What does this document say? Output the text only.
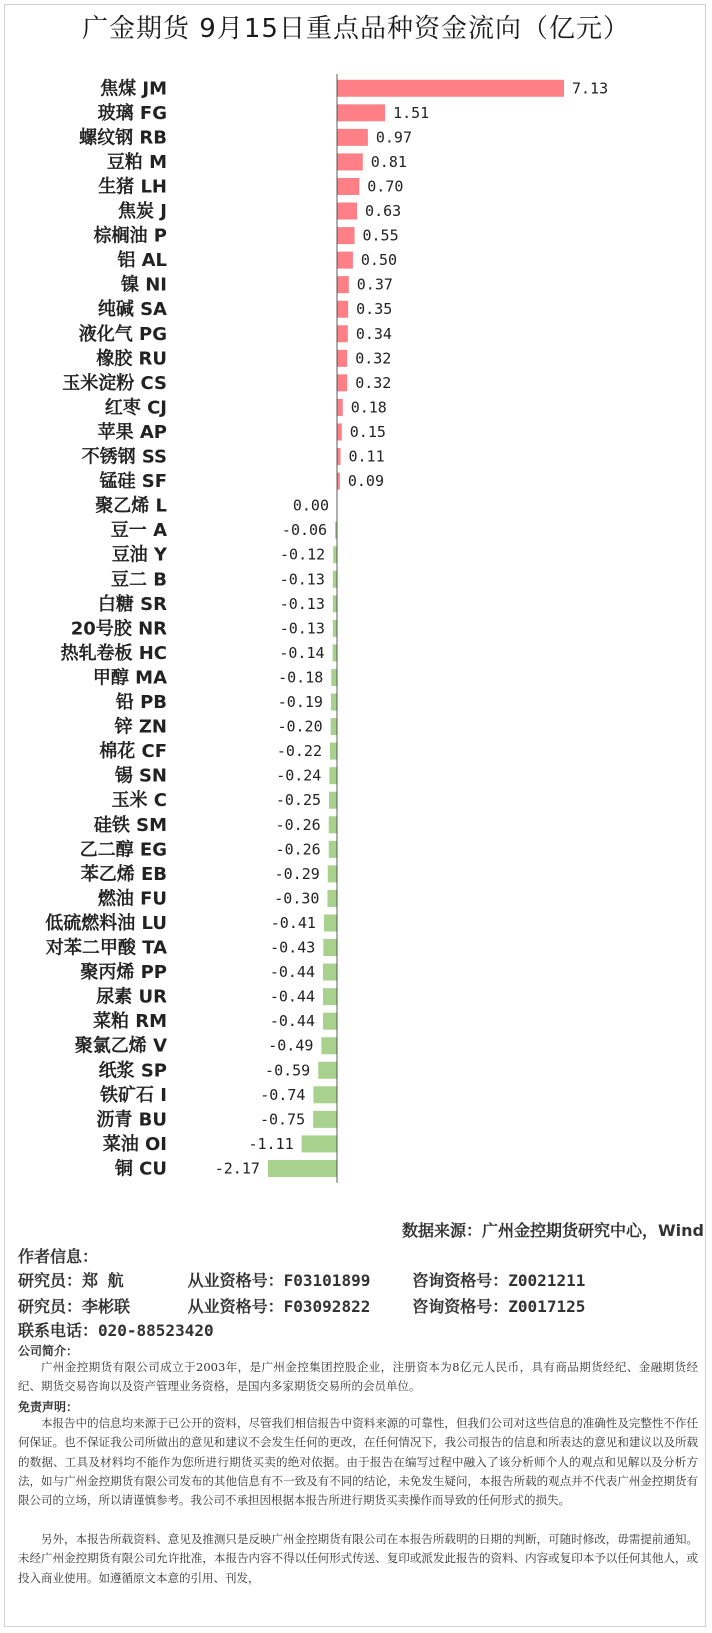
广金期货 9月15日重点品种资金流向（亿元）
焦煤 JM	7.13
玻璃 FG	1.51
螺纹钢 RB	0.97
豆粕 M	0.81
生猪 LH	0.70
焦炭 J	0.63
棕榈油 P	0.55
铝 AL	0.50
镍 NI	0.37
纯碱 SA	0.35
液化气 PG	0.34
橡胶 RU	0.32
玉米淀粉 CS	0.32
红枣 CJ	0.18
苹果 AP	0.15
不锈钢 SS	0.11
锰硅 SF	0.09
聚乙烯 L	0.00
豆一 A	-0.06
豆油 Y	-0.12
豆二 B	-0.13
白糖 SR	-0.13
20号胶 NR	-0.13
热轧卷板 HC	-0.14
甲醇 MA	-0.18
铅 PB	-0.19
锌 ZN	-0.20
棉花 CF	-0.22
锡 SN	-0.24
玉米 C	-0.25
硅铁 SM	-0.26
乙二醇 EG	-0.26
苯乙烯 EB	-0.29
燃油 FU	-0.30
低硫燃料油 LU	-0.41
对苯二甲酸 TA	-0.43
聚丙烯 PP	-0.44
尿素 UR	-0.44
菜粕 RM	-0.44
聚氯乙烯 V	-0.49
纸浆 SP	-0.59
铁矿石 I	-0.74
沥青 BU	-0.75
菜油 OI	-1.11
铜 CU	-2.17
数据来源：广州金控期货研究中心，Wind
作者信息：
研究员：郑 航	从业资格号：F03101899	咨询资格号：Z0021211
研究员：李彬联	从业资格号：F03092822	咨询资格号：Z0017125
联系电话：020-88523420
公司简介：

广州金控期货有限公司成立于2003年，是广州金控集团控股企业，注册资本为8亿元人民币，具有商品期货经纪、金融期货经纪、期货交易咨询以及资产管理业务资格，是国内多家期货交易所的会员单位。

免责声明：

本报告中的信息均来源于已公开的资料，尽管我们相信报告中资料来源的可靠性，但我们公司对这些信息的准确性及完整性不作任何保证。也不保证我公司所做出的意见和建议不会发生任何的更改，在任何情况下，我公司报告的信息和所表达的意见和建议以及所载的数据、工具及材料均不能作为您所进行期货买卖的绝对依据。由于报告在编写过程中融入了该分析师个人的观点和见解以及分析方法，如与广州金控期货有限公司发布的其他信息有不一致及有不同的结论，未免发生疑问，本报告所载的观点并不代表广州金控期货有限公司的立场，所以请谨慎参考。我公司不承担因根据本报告所进行期货买卖操作而导致的任何形式的损失。

另外，本报告所载资料、意见及推测只是反映广州金控期货有限公司在本报告所载明的日期的判断，可随时修改，毋需提前通知。未经广州金控期货有限公司允许批准，本报告内容不得以任何形式传送、复印或派发此报告的资料、内容或复印本予以任何其他人，或投入商业使用。如遵循原文本意的引用、刊发，
